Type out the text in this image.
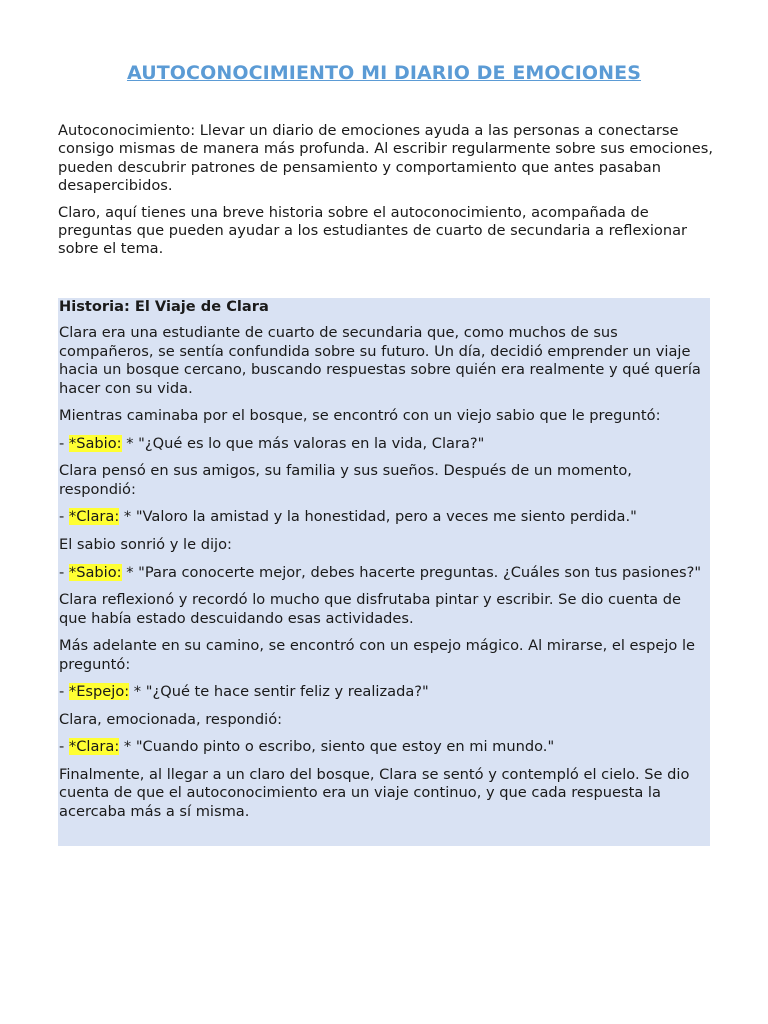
AUTOCONOCIMIENTO MI DIARIO DE EMOCIONES

Autoconocimiento: Llevar un diario de emociones ayuda a las personas a conectarse consigo mismas de manera más profunda. Al escribir regularmente sobre sus emociones, pueden descubrir patrones de pensamiento y comportamiento que antes pasaban desapercibidos.

Claro, aquí tienes una breve historia sobre el autoconocimiento, acompañada de preguntas que pueden ayudar a los estudiantes de cuarto de secundaria a reflexionar sobre el tema.

Historia: El Viaje de Clara

Clara era una estudiante de cuarto de secundaria que, como muchos de sus compañeros, se sentía confundida sobre su futuro. Un día, decidió emprender un viaje hacia un bosque cercano, buscando respuestas sobre quién era realmente y qué quería hacer con su vida.

Mientras caminaba por el bosque, se encontró con un viejo sabio que le preguntó:

- *Sabio: * "¿Qué es lo que más valoras en la vida, Clara?"

Clara pensó en sus amigos, su familia y sus sueños. Después de un momento, respondió:

- *Clara: * "Valoro la amistad y la honestidad, pero a veces me siento perdida."

El sabio sonrió y le dijo:

- *Sabio: * "Para conocerte mejor, debes hacerte preguntas. ¿Cuáles son tus pasiones?"

Clara reflexionó y recordó lo mucho que disfrutaba pintar y escribir. Se dio cuenta de que había estado descuidando esas actividades.

Más adelante en su camino, se encontró con un espejo mágico. Al mirarse, el espejo le preguntó:

- *Espejo: * "¿Qué te hace sentir feliz y realizada?"

Clara, emocionada, respondió:

- *Clara: * "Cuando pinto o escribo, siento que estoy en mi mundo."

Finalmente, al llegar a un claro del bosque, Clara se sentó y contempló el cielo. Se dio cuenta de que el autoconocimiento era un viaje continuo, y que cada respuesta la acercaba más a sí misma.
